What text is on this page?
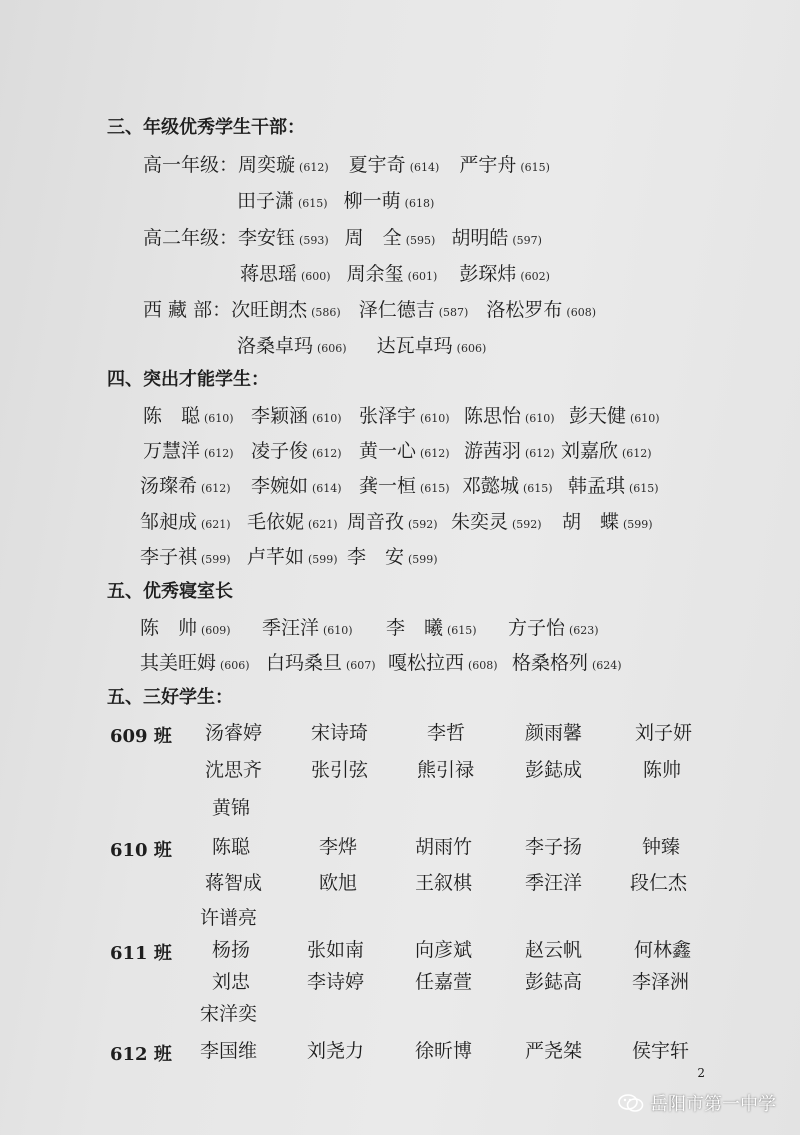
三、年级优秀学生干部：
高一年级：周奕璇 (612) 夏宇奇 (614) 严宇舟 (615)
田子潇 (615) 柳一萌 (618)
高二年级：李安钰 (593) 周　全 (595) 胡明皓 (597)
蒋思瑶 (600) 周余玺 (601) 彭琛炜 (602)
西 藏 部：次旺朗杰 (586) 泽仁德吉 (587) 洛松罗布 (608)
洛桑卓玛 (606) 达瓦卓玛 (606)
四、突出才能学生：
陈　聪 (610) 李颖涵 (610) 张泽宇 (610) 陈思怡 (610) 彭天健 (610)
万慧洋 (612) 凌子俊 (612) 黄一心 (612) 游茜羽 (612) 刘嘉欣 (612)
汤璨希 (612) 李婉如 (614) 龚一桓 (615) 邓懿城 (615) 韩孟琪 (615)
邹昶成 (621) 毛依妮 (621) 周音孜 (592) 朱奕灵 (592) 胡　蝶 (599)
李子祺 (599) 卢芊如 (599) 李　安 (599)
五、优秀寝室长
陈　帅 (609) 季汪洋 (610) 李　曦 (615) 方子怡 (623)
其美旺姆 (606) 白玛桑旦 (607) 嘎松拉西 (608) 格桑格列 (624)
五、三好学生：
609 班 汤睿婷	宋诗琦	李哲	颜雨馨	刘子妍
沈思齐	张引弦	熊引禄	彭鋕成	陈帅
黄锦
610 班 陈聪	李烨	胡雨竹	李子扬	钟臻
蒋智成	欧旭	王叙棋	季汪洋	段仁杰
许谱亮
611 班 杨扬	张如南	向彦斌	赵云帆	何林鑫
刘忠	李诗婷	任嘉萱	彭鋕高	李泽洲
宋洋奕
612 班 李国维	刘尧力	徐昕博	严尧桀	侯宇轩
2
岳阳市第一中学
